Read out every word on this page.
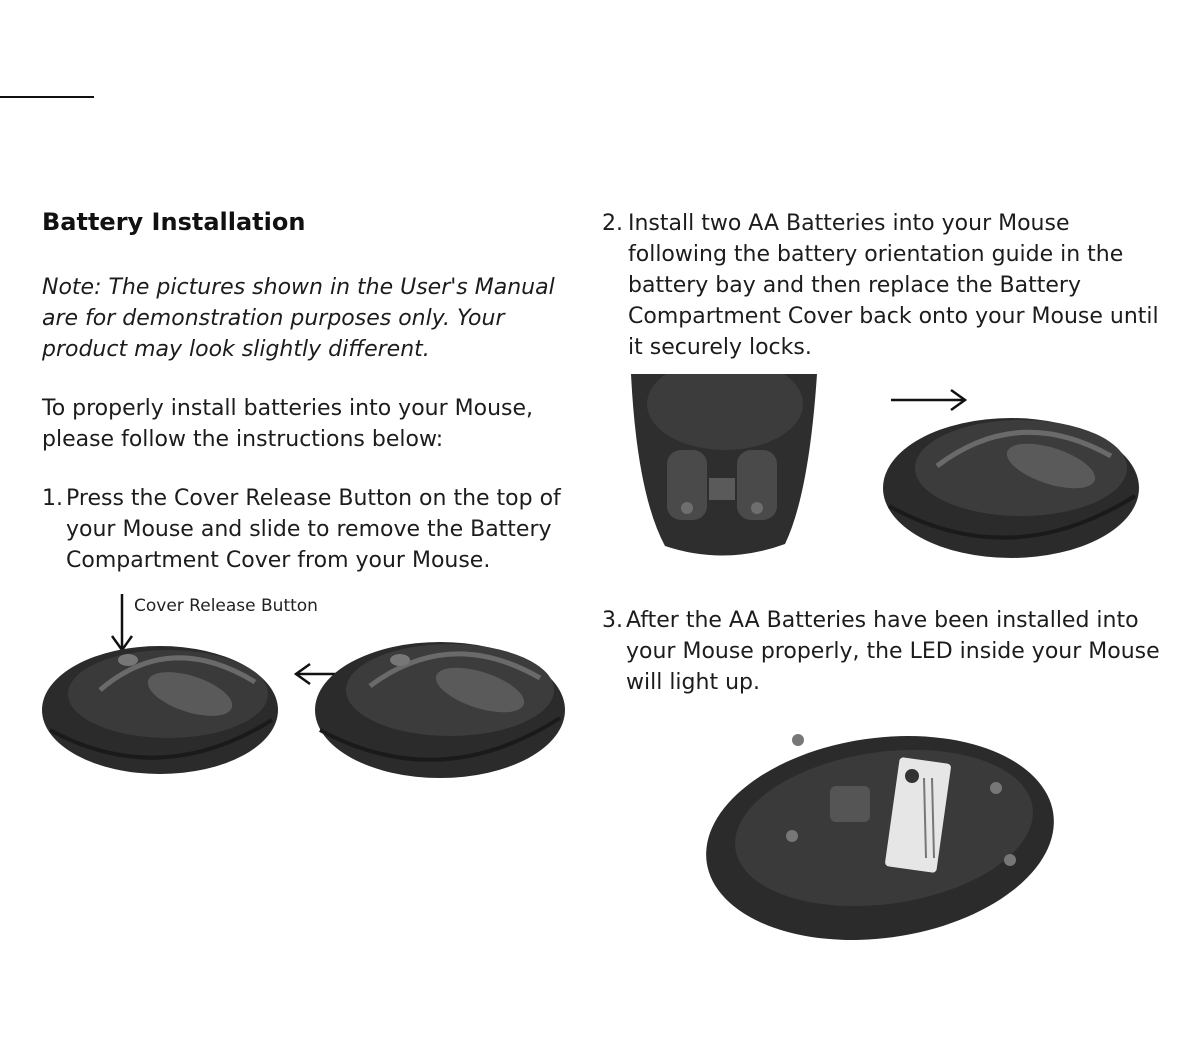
Battery Installation
Note: The pictures shown in the User's Manual are for demonstration purposes only. Your product may look slightly different.
To properly install batteries into your Mouse, please follow the instructions below:
1. Press the Cover Release Button on the top of your Mouse and slide to remove the Battery Compartment Cover from your Mouse.
Cover Release Button
2. Install two AA Batteries into your Mouse following the battery orientation guide in the battery bay and then replace the Battery Compartment Cover back onto your Mouse until it securely locks.
3. After the AA Batteries have been installed into your Mouse properly, the LED inside your Mouse will light up.
